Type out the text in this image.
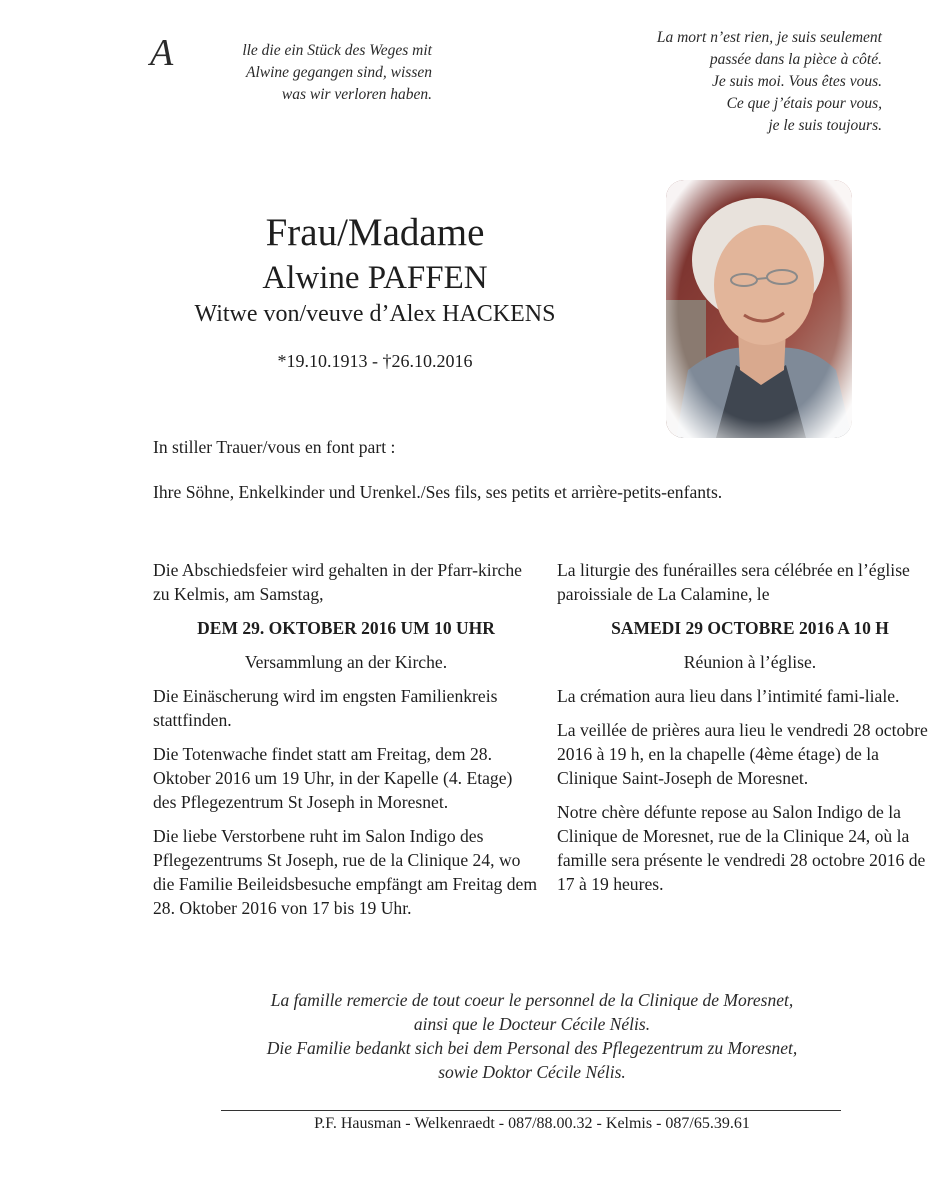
A	lle die ein Stück des Weges mit
Alwine gegangen sind, wissen
was wir verloren haben.
La mort n’est rien, je suis seulement
passée dans la pièce à côté.
Je suis moi. Vous êtes vous.
Ce que j’étais pour vous,
je le suis toujours.
Frau/Madame
Alwine PAFFEN
Witwe von/veuve d’Alex HACKENS
*19.10.1913 - †26.10.2016
In stiller Trauer/vous en font part :
Ihre Söhne, Enkelkinder und Urenkel./Ses fils, ses petits et arrière-petits-enfants.

Die Abschiedsfeier wird gehalten in der Pfarr-kirche zu Kelmis, am Samstag,

DEM 29. OKTOBER 2016 UM 10 UHR

Versammlung an der Kirche.

Die Einäscherung wird im engsten Familienkreis stattfinden.

Die Totenwache findet statt am Freitag, dem 28. Oktober 2016 um 19 Uhr, in der Kapelle (4. Etage) des Pflegezentrum St Joseph in Moresnet.

Die liebe Verstorbene ruht im Salon Indigo des Pflegezentrums St Joseph, rue de la Clinique 24, wo die Familie Beileidsbesuche empfängt am Freitag dem 28. Oktober 2016 von 17 bis 19 Uhr.

La liturgie des funérailles sera célébrée en l’église paroissiale de La Calamine, le

SAMEDI 29 OCTOBRE 2016 A 10 H

Réunion à l’église.

La crémation aura lieu dans l’intimité fami-liale.

La veillée de prières aura lieu le vendredi 28 octobre 2016 à 19 h, en la chapelle (4ème étage) de la Clinique Saint-Joseph de Moresnet.

Notre chère défunte repose au Salon Indigo de la Clinique de Moresnet, rue de la Clinique 24, où la famille sera présente le vendredi 28 octobre 2016 de 17 à 19 heures.

La famille remercie de tout coeur le personnel de la Clinique de Moresnet,
ainsi que le Docteur Cécile Nélis.
Die Familie bedankt sich bei dem Personal des Pflegezentrum zu Moresnet,
sowie Doktor Cécile Nélis.
P.F. Hausman - Welkenraedt - 087/88.00.32 - Kelmis - 087/65.39.61
